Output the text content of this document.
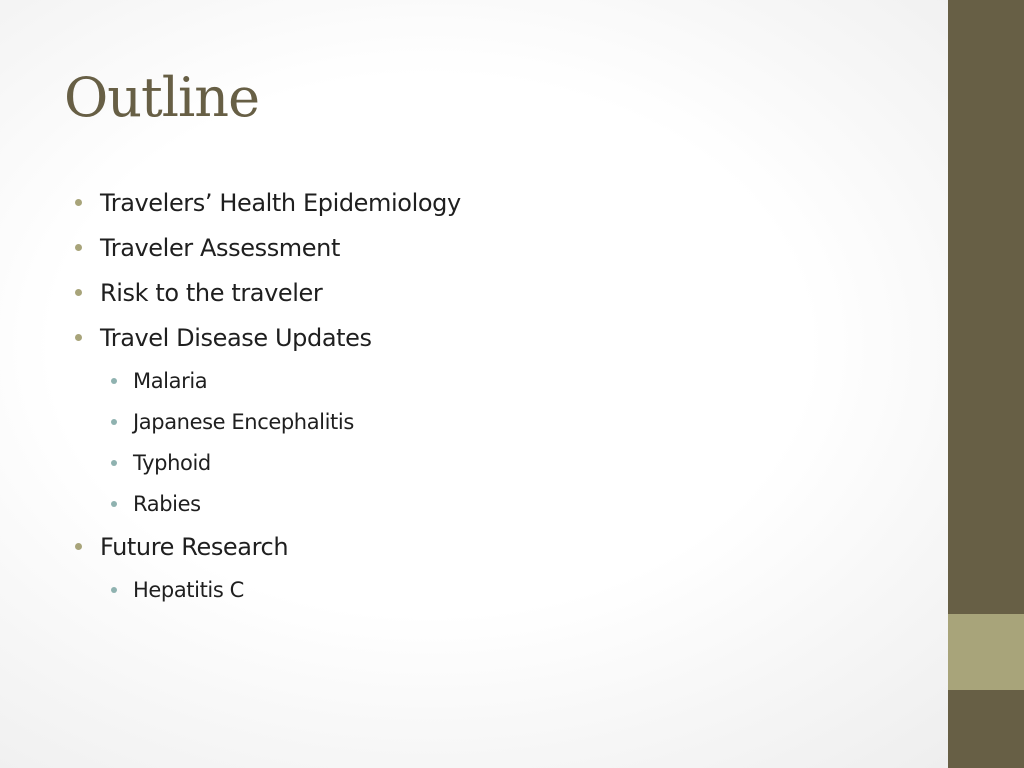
Outline
Travelers’ Health Epidemiology
Traveler Assessment
Risk to the traveler
Travel Disease Updates
Malaria
Japanese Encephalitis
Typhoid
Rabies
Future Research
Hepatitis C
